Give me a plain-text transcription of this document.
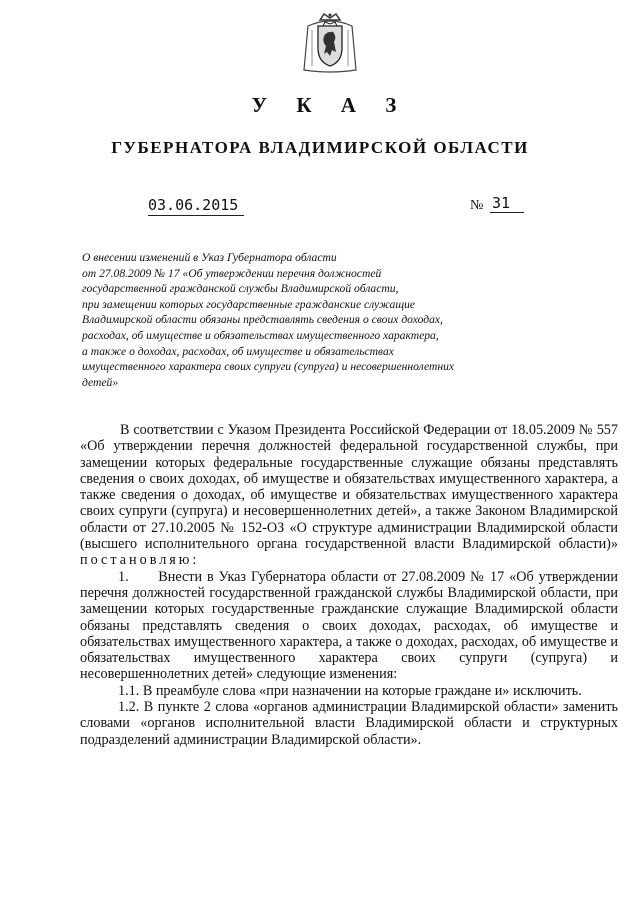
У К А З
ГУБЕРНАТОРА ВЛАДИМИРСКОЙ ОБЛАСТИ
03.06.2015	№ 31
О внесении изменений в Указ Губернатора области
от 27.08.2009 № 17 «Об утверждении перечня должностей
государственной гражданской службы Владимирской области,
при замещении которых государственные гражданские служащие
Владимирской области обязаны представлять сведения о своих доходах,
расходах, об имуществе и обязательствах имущественного характера,
а также о доходах, расходах, об имуществе и обязательствах
имущественного характера своих супруги (супруга) и несовершеннолетних
детей»

В соответствии с Указом Президента Российской Федерации от 18.05.2009 № 557 «Об утверждении перечня должностей федеральной государственной службы, при замещении которых федеральные государственные служащие обязаны представлять сведения о своих доходах, об имуществе и обязательствах имущественного характера, а также сведения о доходах, об имуществе и обязательствах имущественного характера своих супруги (супруга) и несовершеннолетних детей», а также Законом Владимирской области от 27.10.2005 № 152-ОЗ «О структуре администрации Владимирской области (высшего исполнительного органа государственной власти Владимирской области)» постановляю:

1.      Внести в Указ Губернатора области от 27.08.2009 № 17 «Об утверждении перечня должностей государственной гражданской службы Владимирской области, при замещении которых государственные гражданские служащие Владимирской области обязаны представлять сведения о своих доходах, расходах, об имуществе и обязательствах имущественного характера, а также о доходах, расходах, об имуществе и обязательствах имущественного характера своих супруги (супруга) и несовершеннолетних детей» следующие изменения:

1.1. В преамбуле слова «при назначении на которые граждане и» исключить.

1.2. В пункте 2 слова «органов администрации Владимирской области» заменить словами «органов исполнительной власти Владимирской области и структурных подразделений администрации Владимирской области».
